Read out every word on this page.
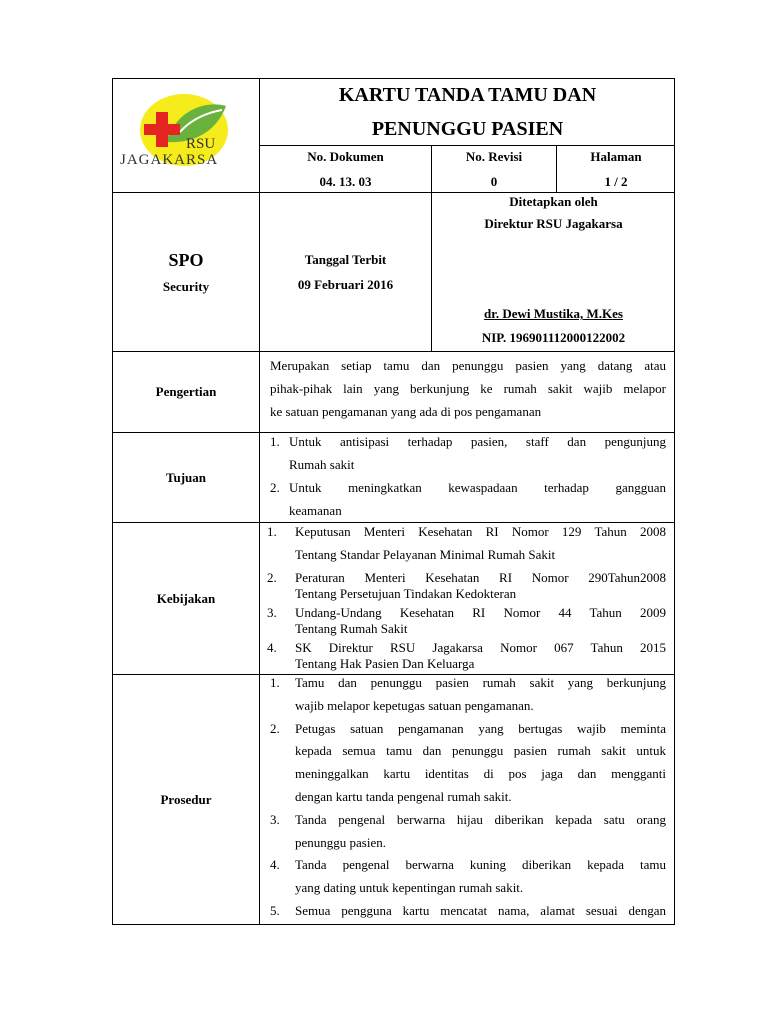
RSU
JAGAKARSA
KARTU TANDA TAMU DAN
PENUNGGU PASIEN
No. Dokumen
04. 13. 03
No. Revisi
0
Halaman
1 / 2
SPO
Security
Tanggal Terbit
09 Februari 2016
Ditetapkan oleh
Direktur RSU Jagakarsa
dr. Dewi Mustika, M.Kes
NIP. 196901112000122002
Pengertian
Merupakan setiap tamu dan penunggu pasien yang datang atau
pihak-pihak lain yang berkunjung ke rumah sakit wajib melapor
ke satuan pengamanan yang ada di pos pengamanan
Tujuan
1. Untuk antisipasi terhadap pasien, staff dan pengunjung
Rumah sakit
2. Untuk meningkatkan kewaspadaan terhadap gangguan
keamanan
Kebijakan
1. Keputusan Menteri Kesehatan RI Nomor 129 Tahun 2008
Tentang Standar Pelayanan Minimal Rumah Sakit
2. Peraturan Menteri Kesehatan RI Nomor 290Tahun2008
Tentang Persetujuan Tindakan Kedokteran
3. Undang-Undang Kesehatan RI Nomor 44 Tahun 2009
Tentang Rumah Sakit
4. SK Direktur RSU Jagakarsa Nomor 067 Tahun 2015
Tentang Hak Pasien Dan Keluarga
Prosedur
1. Tamu dan penunggu pasien rumah sakit yang berkunjung
wajib melapor kepetugas satuan pengamanan.
2. Petugas satuan pengamanan yang bertugas wajib meminta
kepada semua tamu dan penunggu pasien rumah sakit untuk
meninggalkan kartu identitas di pos jaga dan mengganti
dengan kartu tanda pengenal rumah sakit.
3. Tanda pengenal berwarna hijau diberikan kepada satu orang
penunggu pasien.
4. Tanda pengenal berwarna kuning diberikan kepada tamu
yang dating untuk kepentingan rumah sakit.
5. Semua pengguna kartu mencatat nama, alamat sesuai dengan
